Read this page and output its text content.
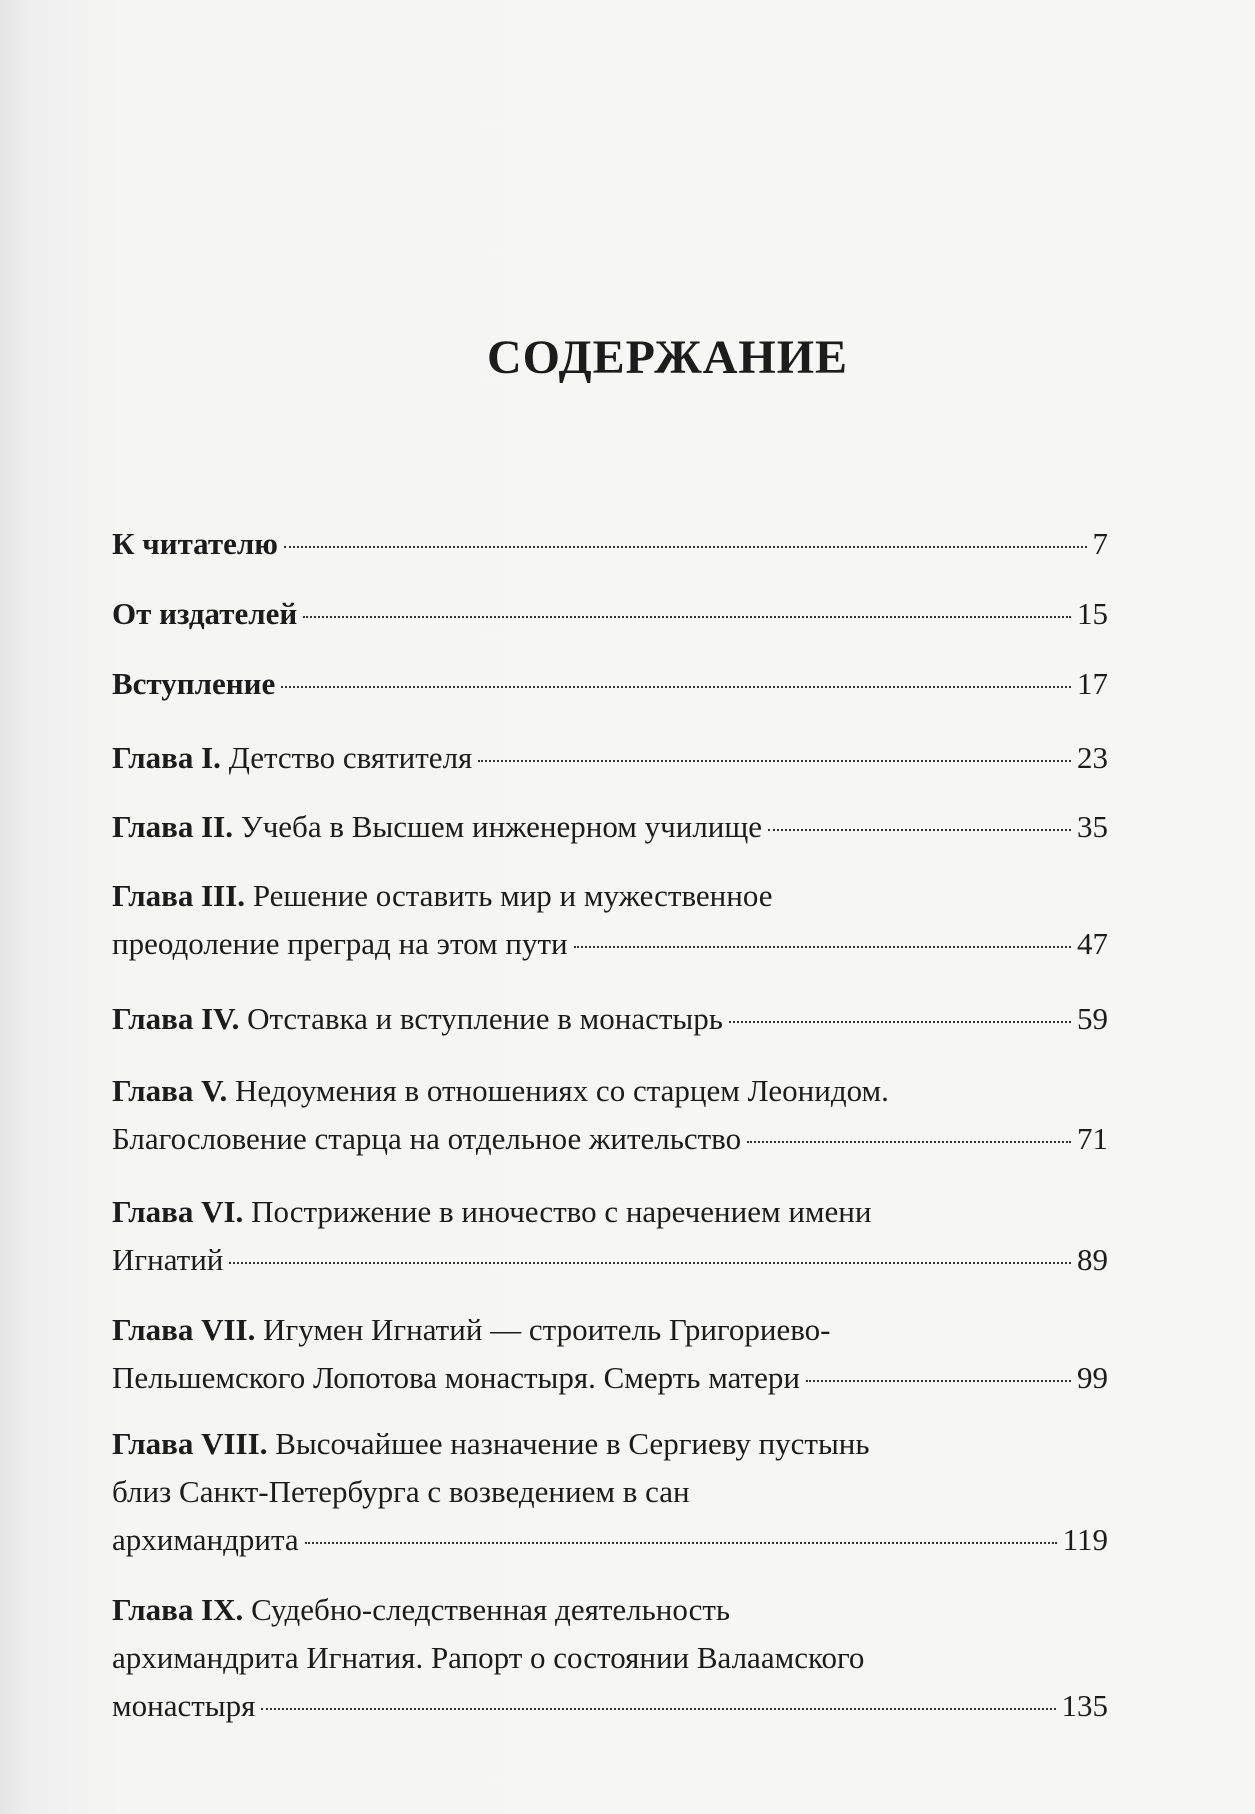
СОДЕРЖАНИЕ
К читателю	7
От издателей	15
Вступление	17
Глава I. Детство святителя	23
Глава II. Учеба в Высшем инженерном училище	35
Глава III. Решение оставить мир и мужественное
преодоление преград на этом пути	47
Глава IV. Отставка и вступление в монастырь	59
Глава V. Недоумения в отношениях со старцем Леонидом.
Благословение старца на отдельное жительство	71
Глава VI. Пострижение в иночество с наречением имени
Игнатий	89
Глава VII. Игумен Игнатий — строитель Григориево-
Пельшемского Лопотова монастыря. Смерть матери	99
Глава VIII. Высочайшее назначение в Сергиеву пустынь
близ Санкт-Петербурга с возведением в сан
архимандрита	119
Глава IX. Судебно-следственная деятельность
архимандрита Игнатия. Рапорт о состоянии Валаамского
монастыря	135
